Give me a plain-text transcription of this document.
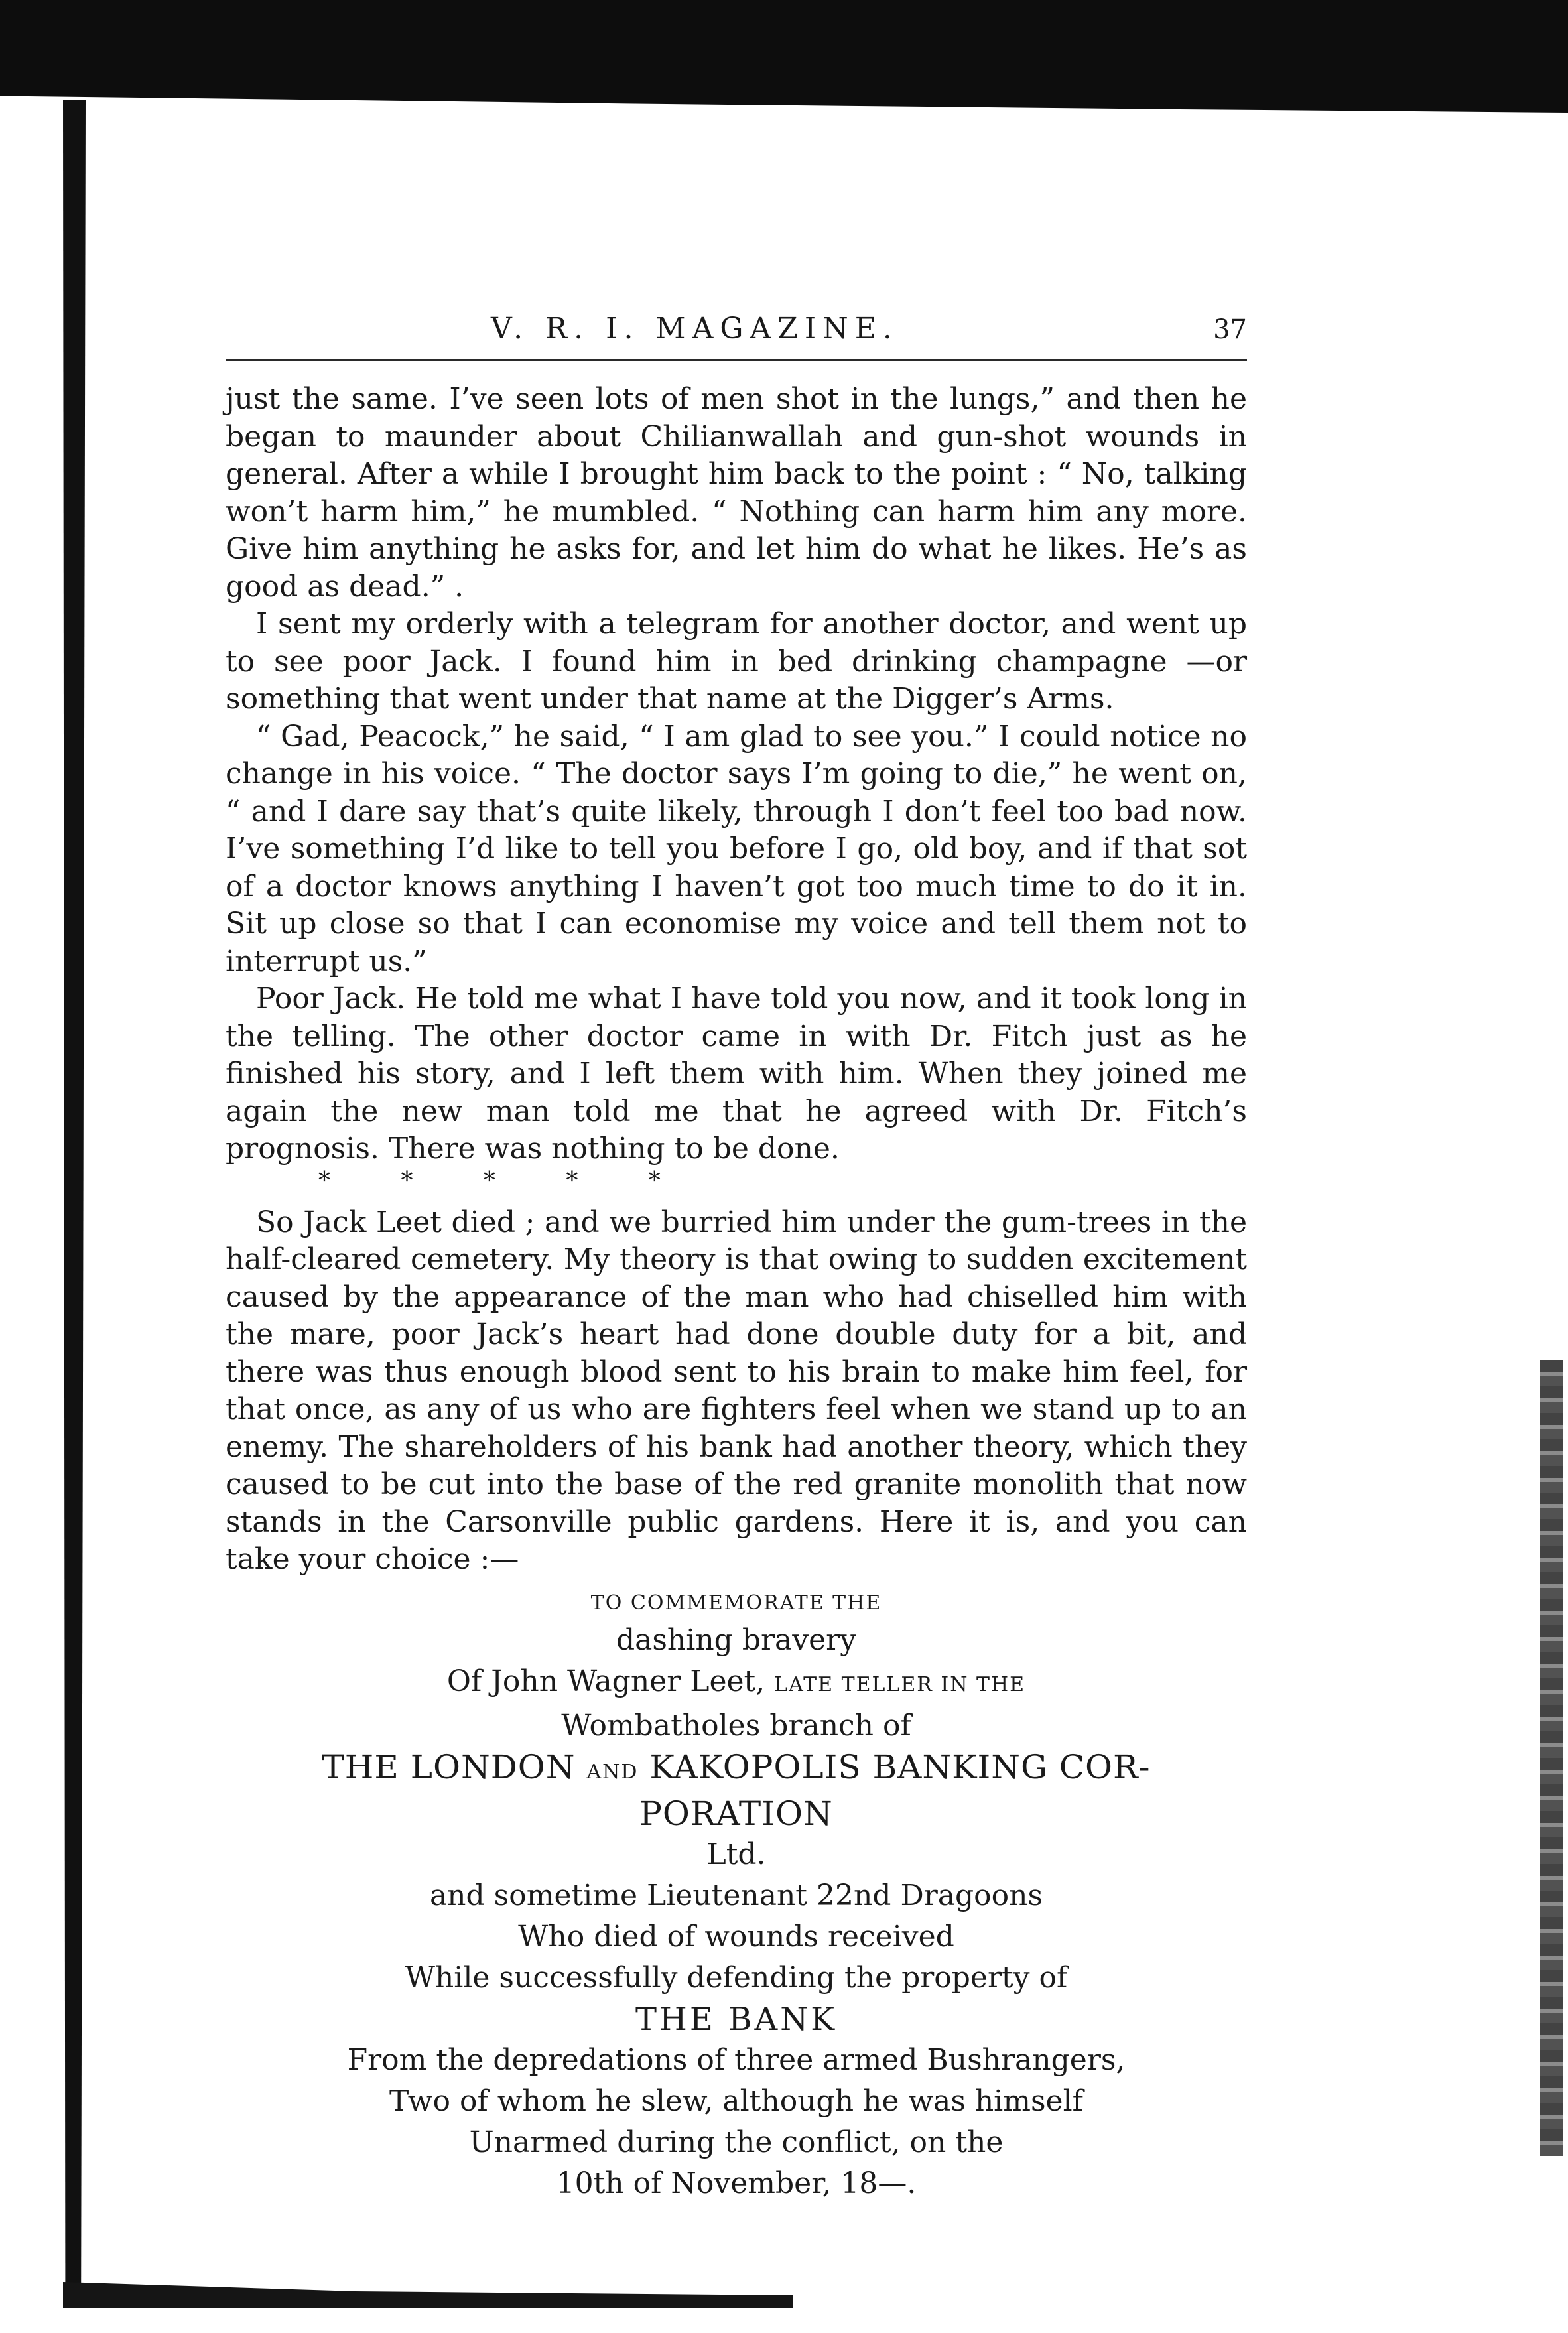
V. R. I. MAGAZINE.	37

just the same. I’ve seen lots of men shot in the lungs,” and then he began to maunder about Chilianwallah and gun-shot wounds in general. After a while I brought him back to the point : “ No, talking won’t harm him,” he mumbled. “ Nothing can harm him any more. Give him anything he asks for, and let him do what he likes. He’s as good as dead.” .

I sent my orderly with a telegram for another doctor, and went up to see poor Jack. I found him in bed drinking champagne —or something that went under that name at the Digger’s Arms.

“ Gad, Peacock,” he said, “ I am glad to see you.” I could notice no change in his voice. “ The doctor says I’m going to die,” he went on, “ and I dare say that’s quite likely, through I don’t feel too bad now. I’ve something I’d like to tell you before I go, old boy, and if that sot of a doctor knows anything I haven’t got too much time to do it in. Sit up close so that I can economise my voice and tell them not to interrupt us.”

Poor Jack. He told me what I have told you now, and it took long in the telling. The other doctor came in with Dr. Fitch just as he finished his story, and I left them with him. When they joined me again the new man told me that he agreed with Dr. Fitch’s prognosis. There was nothing to be done.

* * * * *

So Jack Leet died ; and we burried him under the gum-trees in the half-cleared cemetery. My theory is that owing to sudden excitement caused by the appearance of the man who had chiselled him with the mare, poor Jack’s heart had done double duty for a bit, and there was thus enough blood sent to his brain to make him feel, for that once, as any of us who are fighters feel when we stand up to an enemy. The shareholders of his bank had another theory, which they caused to be cut into the base of the red granite monolith that now stands in the Carsonville public gardens. Here it is, and you can take your choice :—

TO COMMEMORATE THE

dashing bravery

Of John Wagner Leet, LATE TELLER IN THE

Wombatholes branch of

THE LONDON AND KAKOPOLIS BANKING COR-

PORATION

Ltd.

and sometime Lieutenant 22nd Dragoons

Who died of wounds received

While successfully defending the property of

THE BANK

From the depredations of three armed Bushrangers,

Two of whom he slew, although he was himself

Unarmed during the conflict, on the

10th of November, 18—.
